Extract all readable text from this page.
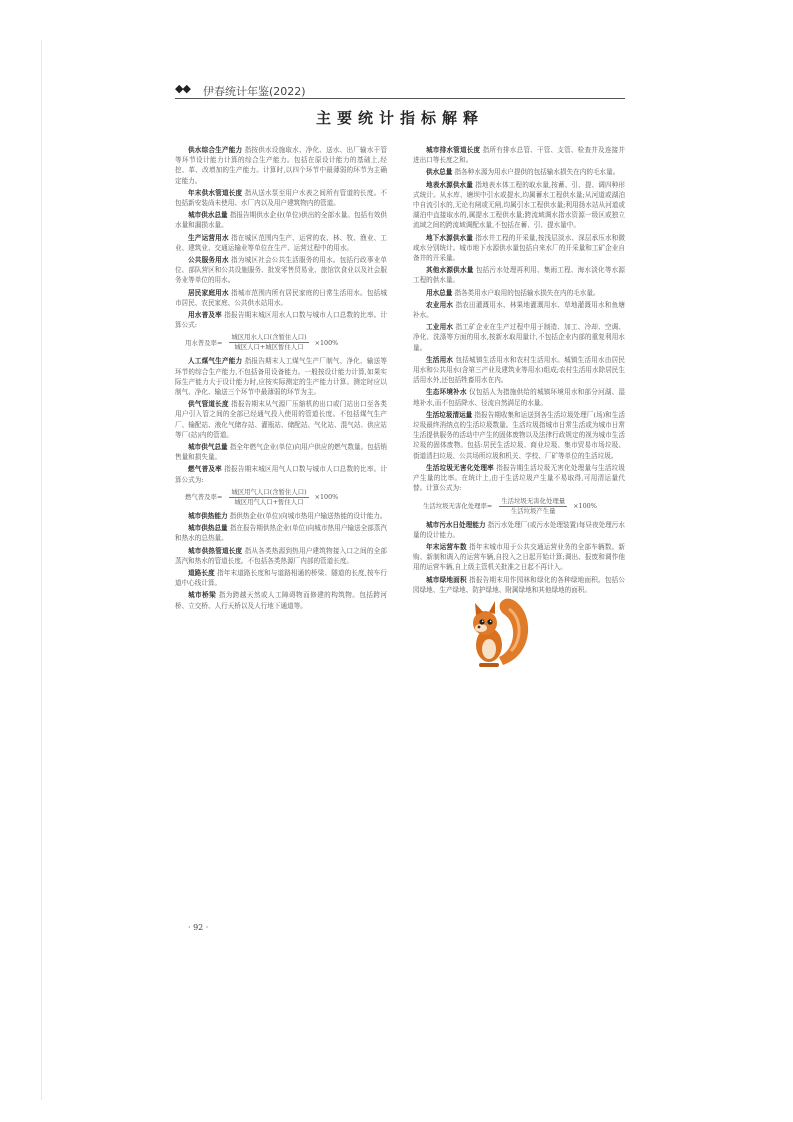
◆◆ 伊春统计年鉴(2022)
主要统计指标解释

供水综合生产能力 指按供水设施取水、净化、送水、出厂输水干管等环节设计能力计算的综合生产能力。包括在原设计能力的基础上,经挖、革、改增加的生产能力。计算时,以四个环节中最薄弱的环节为主确定能力。

年末供水管道长度 指从送水泵至用户水表之间所有管道的长度。不包括新安装尚未使用、水厂内以及用户建筑物内的管道。

城市供水总量 指报告期供水企业(单位)供出的全部水量。包括有效供水量和漏损水量。

生产运营用水 指在城区范围内生产、运营的农、林、牧、渔业、工业、建筑业、交通运输业等单位在生产、运营过程中的用水。

公共服务用水 指为城区社会公共生活服务的用水。包括行政事业单位、部队营区和公共设施服务、批发零售贸易业、旅馆饮食业以及社会服务业等单位的用水。

居民家庭用水 指城市范围内所有居民家庭的日常生活用水。包括城市居民、农民家庭、公共供水站用水。

用水普及率 指报告期末城区用水人口数与城市人口总数的比率。计算公式:

用水普及率= $\frac{\text{城区用水人口(含暂住人口)}}{\text{城区人口+城区暂住人口}} \times 100\%$

人工煤气生产能力 指报告期末人工煤气生产厂制气、净化、输送等环节的综合生产能力,不包括备用设备能力。一般按设计能力计算,如果实际生产能力大于设计能力时,应按实际测定的生产能力计算。测定时应以制气、净化、输送三个环节中最薄弱的环节为主。

供气管道长度 指报告期末从气源厂压缩机的出口或门站出口至各类用户引入管之间的全部已经通气投入使用的管道长度。不包括煤气生产厂、输配站、液化气储存站、灌瓶站、储配站、气化站、混气站、供应站等厂(站)内的管道。

城市供气总量 指全年燃气企业(单位)向用户供应的燃气数量。包括销售量和损失量。

燃气普及率 指报告期末城区用气人口数与城市人口总数的比率。计算公式为:

燃气普及率= $\frac{\text{城区用气人口(含暂住人口)}}{\text{城区用气人口+暂住人口}} \times 100\%$

城市供热能力 指供热企业(单位)向城市热用户输送热能的设计能力。

城市供热总量 指在报告期供热企业(单位)向城市热用户输送全部蒸汽和热水的总热量。

城市供热管道长度 指从各类热源到热用户建筑物接入口之间的全部蒸汽和热水的管道长度。不包括各类热源厂内部的管道长度。

道路长度 指年末道路长度和与道路相通的桥梁、隧道的长度,按车行道中心线计算。

城市桥梁 指为跨越天然或人工障碍物而修建的构筑物。包括跨河桥、立交桥、人行天桥以及人行地下通道等。

城市排水管道长度 指所有排水总管、干管、支管、检查井及连接井进出口等长度之和。

供水总量 指各种水源为用水户提供的包括输水损失在内的毛水量。

地表水源供水量 指地表水体工程的取水量,按蓄、引、提、调四种形式统计。从水库、塘坝中引水或提水,均属蓄水工程供水量;从河道或湖泊中自流引水的,无论有闸或无闸,均属引水工程供水量;利用扬水站从河道或湖泊中直接取水的,属提水工程供水量;跨流域调水指水资源一级区或独立流域之间的跨流域调配水量,不包括在蓄、引、提水量中。

地下水源供水量 指水井工程的开采量,按浅层淡水、深层承压水和微咸水分别统计。城市地下水源供水量包括自来水厂的开采量和工矿企业自备井的开采量。

其他水源供水量 包括污水处理再利用、集雨工程、海水淡化等水源工程的供水量。

用水总量 指各类用水户取用的包括输水损失在内的毛水量。

农业用水 指农田灌溉用水、林果地灌溉用水、草地灌溉用水和鱼塘补水。

工业用水 指工矿企业在生产过程中用于制造、加工、冷却、空调、净化、洗涤等方面的用水,按新水取用量计,不包括企业内部的重复利用水量。

生活用水 包括城镇生活用水和农村生活用水。城镇生活用水由居民用水和公共用水(含第三产业及建筑业等用水)组成;农村生活用水除居民生活用水外,还包括牲畜用水在内。

生态环境补水 仅包括人为措施供给的城镇环境用水和部分河湖、湿地补水,而不包括降水、径流自然满足的水量。

生活垃圾清运量 指报告期收集和运送到各生活垃圾处理厂(场)和生活垃圾最终消纳点的生活垃圾数量。生活垃圾指城市日常生活或为城市日常生活提供服务的活动中产生的固体废物以及法律行政规定的视为城市生活垃圾的固体废物。包括:居民生活垃圾、商业垃圾、集市贸易市场垃圾、街道清扫垃圾、公共场所垃圾和机关、学校、厂矿等单位的生活垃圾。

生活垃圾无害化处理率 指报告期生活垃圾无害化处理量与生活垃圾产生量的比率。在统计上,由于生活垃圾产生量不易取得,可用清运量代替。计算公式为:

生活垃圾无害化处理率= $\frac{\text{生活垃圾无害化处理量}}{\text{生活垃圾产生量}} \times 100\%$

城市污水日处理能力 指污水处理厂(或污水处理装置)每昼夜处理污水量的设计能力。

年末运营车数 指年末城市用于公共交通运营业务的全部车辆数。新购、新制和调入的运营车辆,自投入之日起开始计算;调出、报废和调作他用的运营车辆,自上级主管机关批准之日起不再计入。

城市绿地面积 指报告期末用作园林和绿化的各种绿地面积。包括公园绿地、生产绿地、防护绿地、附属绿地和其他绿地的面积。

· 92 ·
